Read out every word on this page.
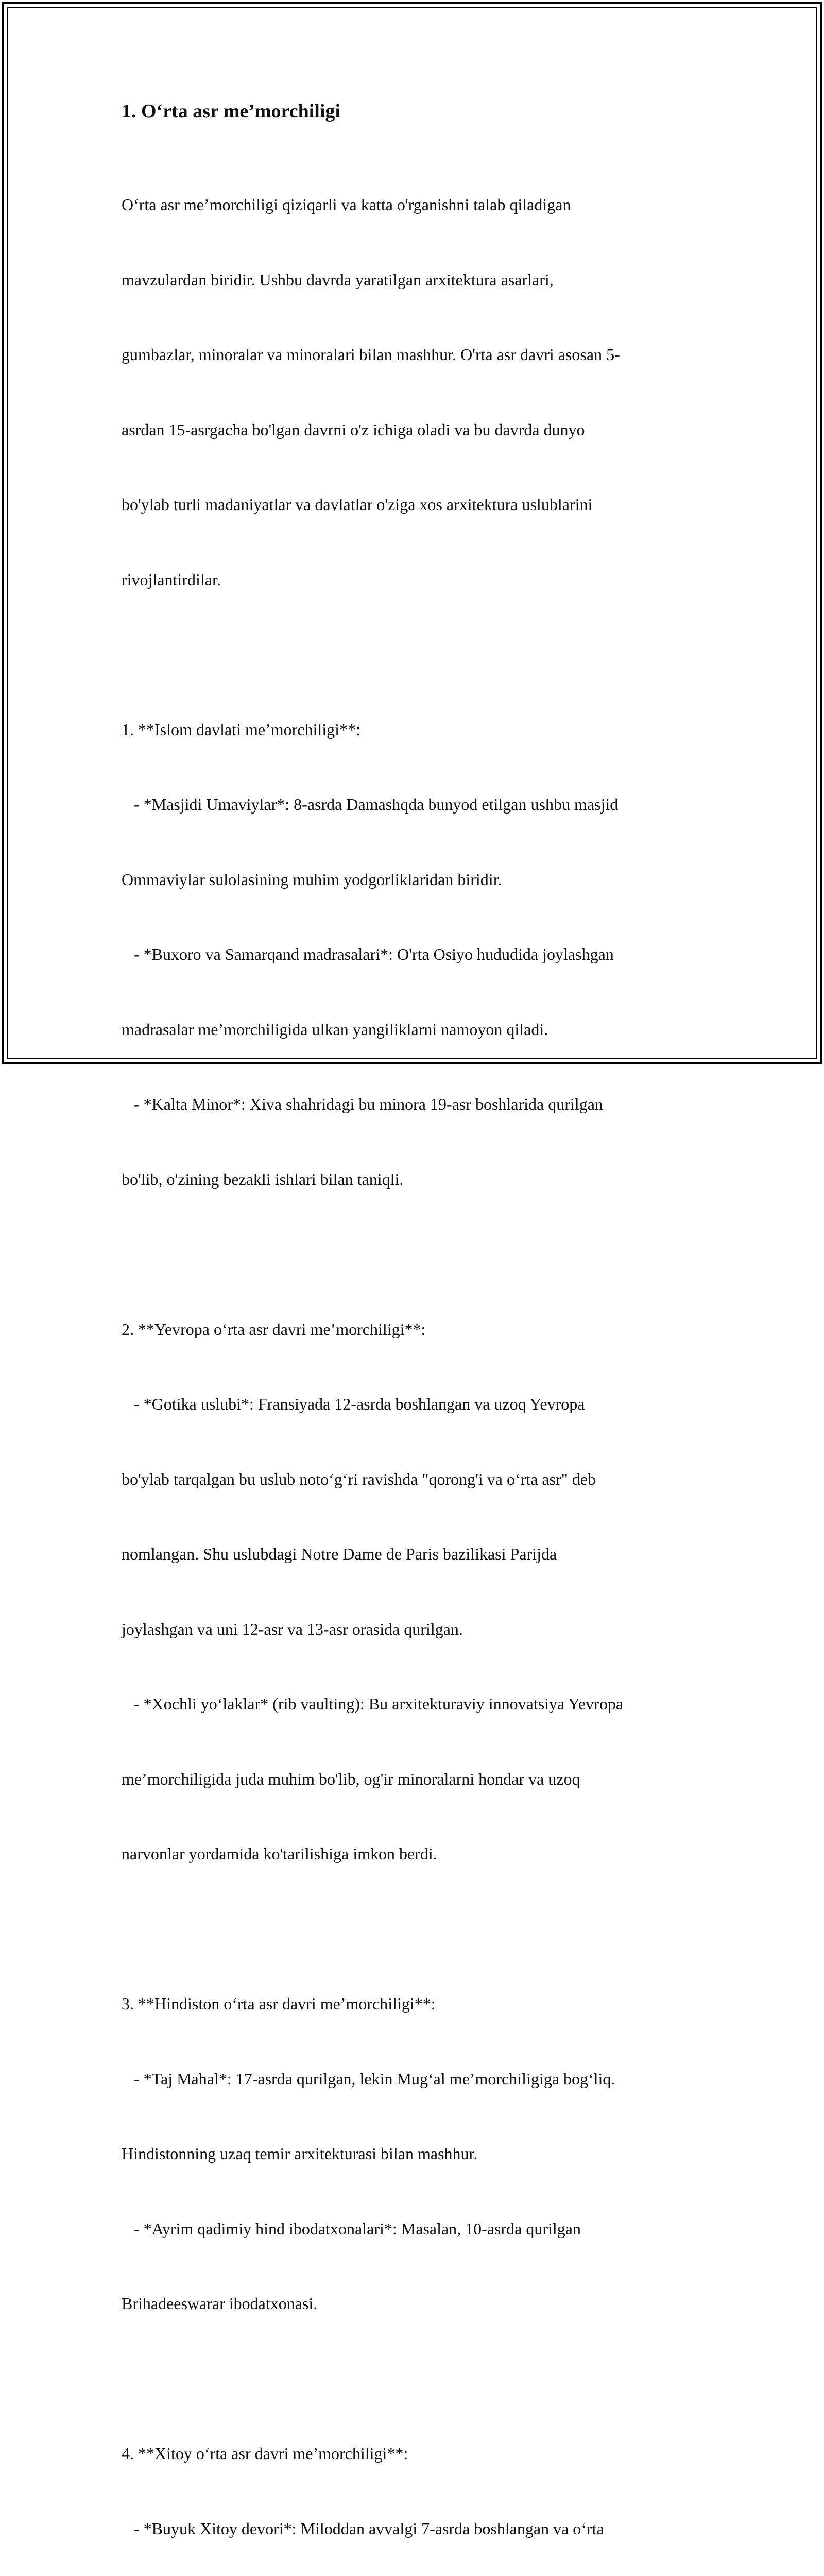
1. O‘rta asr me’morchiligi

O‘rta asr me’morchiligi qiziqarli va katta o'rganishni talab qiladigan

mavzulardan biridir. Ushbu davrda yaratilgan arxitektura asarlari,

gumbazlar, minoralar va minoralari bilan mashhur. O'rta asr davri asosan 5-

asrdan 15-asrgacha bo'lgan davrni o'z ichiga oladi va bu davrda dunyo

bo'ylab turli madaniyatlar va davlatlar o'ziga xos arxitektura uslublarini

rivojlantirdilar.

1. **Islom davlati me’morchiligi**:

- *Masjidi Umaviylar*: 8-asrda Damashqda bunyod etilgan ushbu masjid

Ommaviylar sulolasining muhim yodgorliklaridan biridir.

- *Buxoro va Samarqand madrasalari*: O'rta Osiyo hududida joylashgan

madrasalar me’morchiligida ulkan yangiliklarni namoyon qiladi.

- *Kalta Minor*: Xiva shahridagi bu minora 19-asr boshlarida qurilgan

bo'lib, o'zining bezakli ishlari bilan taniqli.

2. **Yevropa o‘rta asr davri me’morchiligi**:

- *Gotika uslubi*: Fransiyada 12-asrda boshlangan va uzoq Yevropa

bo'ylab tarqalgan bu uslub noto‘g‘ri ravishda "qorong'i va o‘rta asr" deb

nomlangan. Shu uslubdagi Notre Dame de Paris bazilikasi Parijda

joylashgan va uni 12-asr va 13-asr orasida qurilgan.

- *Xochli yo‘laklar* (rib vaulting): Bu arxitekturaviy innovatsiya Yevropa

me’morchiligida juda muhim bo'lib, og'ir minoralarni hondar va uzoq

narvonlar yordamida ko'tarilishiga imkon berdi.

3. **Hindiston o‘rta asr davri me’morchiligi**:

- *Taj Mahal*: 17-asrda qurilgan, lekin Mug‘al me’morchiligiga bog‘liq.

Hindistonning uzaq temir arxitekturasi bilan mashhur.

- *Ayrim qadimiy hind ibodatxonalari*: Masalan, 10-asrda qurilgan

Brihadeeswarar ibodatxonasi.

4. **Xitoy o‘rta asr davri me’morchiligi**:

- *Buyuk Xitoy devori*: Miloddan avvalgi 7-asrda boshlangan va o‘rta
